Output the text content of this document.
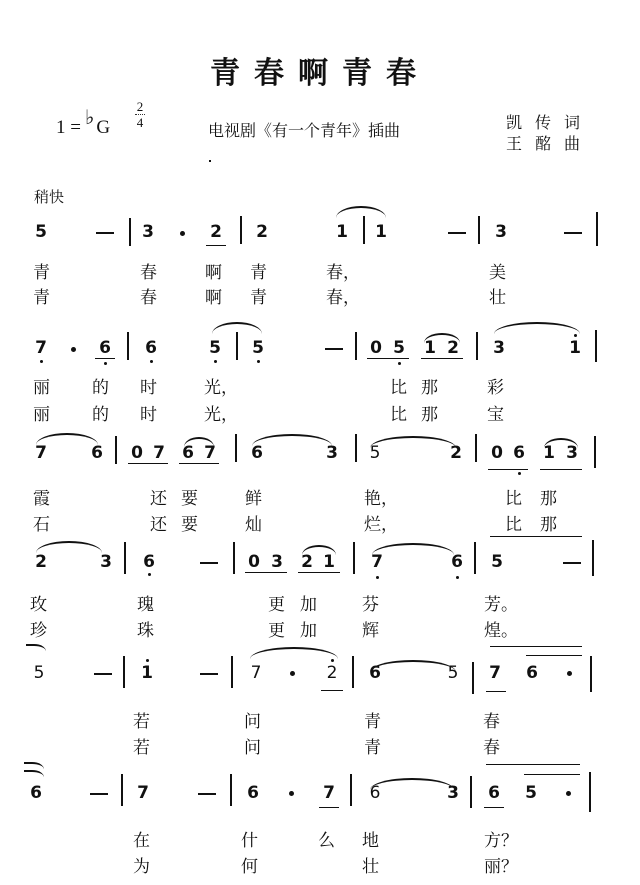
青春啊青春
1 = ♭ G
2
4	电视剧《有一个青年》插曲	凯传词
王酩曲
稍快
5	3	2 2	1 1	3
青	春	啊 青	春，	美
青	春	啊 青	春，	壮
7	6 6	5 5	0 5 1 2 3	1
丽 的 时	光，	比 那	彩
丽 的 时	光，	比 那	宝
7	6 0 7 6 7 6	3 5	2 0 6 1 3
霞	还 要	鲜	艳，	比 那
石	还 要	灿	烂，	比 那
2	3 6	0 3 2 1 7	6 5
玫	瑰	更 加	芬	芳。
珍	珠	更 加	辉	煌。
5	1	7	2 6	5 7 6
若	问	青	春
若	问	青	春
6	7	6	7 6	3 6 5
在	什	么 地	方？
为	何	壮	丽？
